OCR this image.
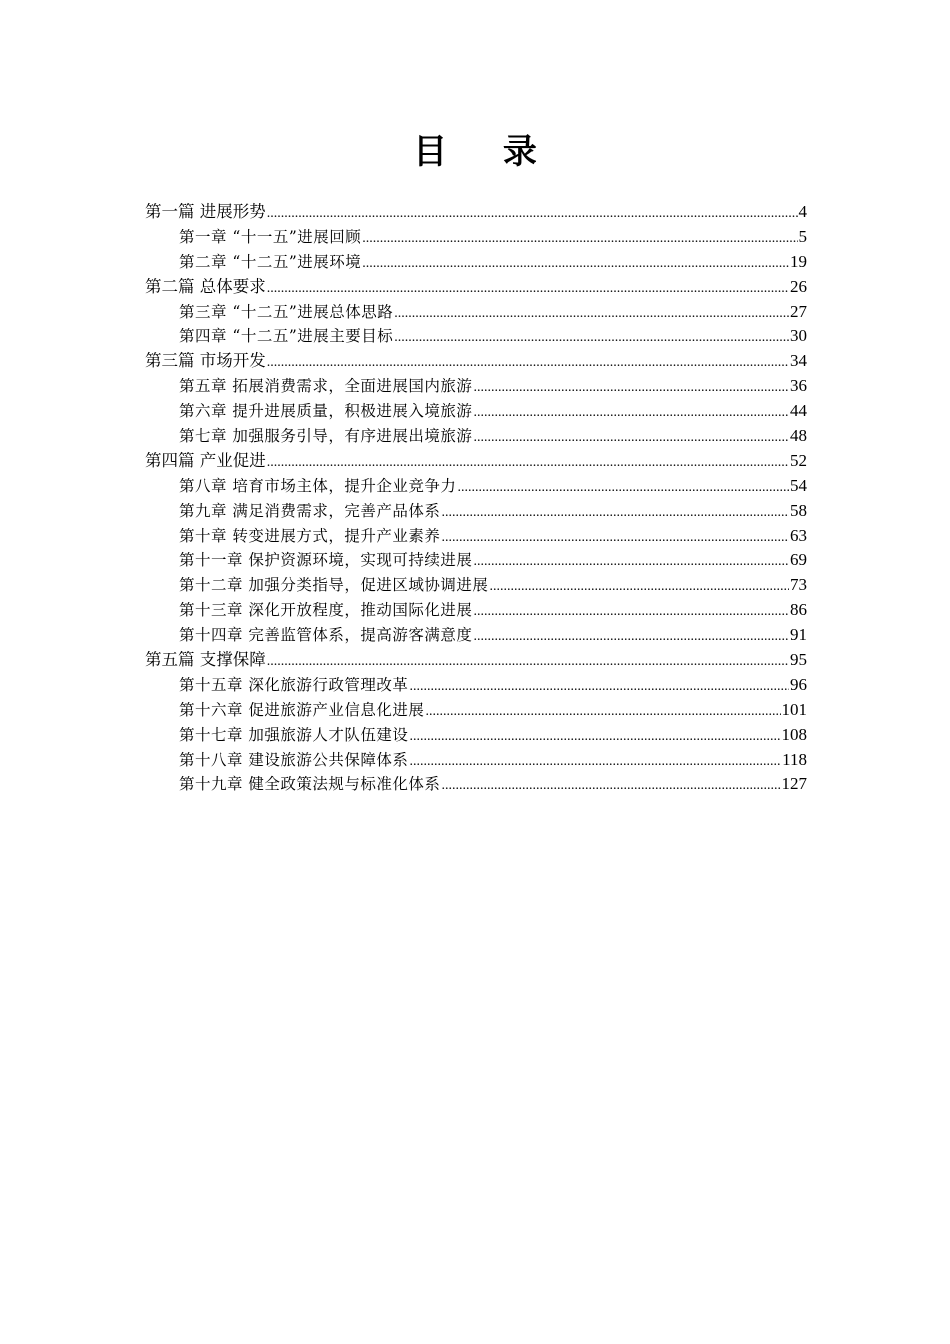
目 录
第一篇 进展形势 .....	4
第一章 “十一五”进展回顾 .....	5
第二章 “十二五”进展环境 .....	19
第二篇 总体要求 .....	26
第三章 “十二五”进展总体思路 .....	27
第四章 “十二五”进展主要目标 .....	30
第三篇 市场开发 .....	34
第五章 拓展消费需求，全面进展国内旅游 .....	36
第六章 提升进展质量，积极进展入境旅游 .....	44
第七章 加强服务引导，有序进展出境旅游 .....	48
第四篇 产业促进 .....	52
第八章 培育市场主体，提升企业竞争力 .....	54
第九章 满足消费需求，完善产品体系 .....	58
第十章 转变进展方式，提升产业素养 .....	63
第十一章 保护资源环境，实现可持续进展 .....	69
第十二章 加强分类指导，促进区域协调进展 .....	73
第十三章 深化开放程度，推动国际化进展 .....	86
第十四章 完善监管体系，提高游客满意度 .....	91
第五篇 支撑保障 .....	95
第十五章 深化旅游行政管理改革 .....	96
第十六章 促进旅游产业信息化进展 .....	101
第十七章 加强旅游人才队伍建设 .....	108
第十八章 建设旅游公共保障体系 .....	118
第十九章 健全政策法规与标准化体系 .....	127
